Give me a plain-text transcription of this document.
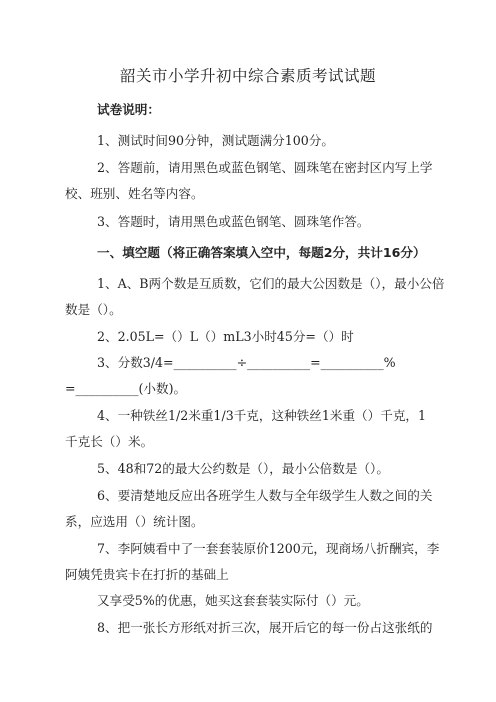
韶关市小学升初中综合素质考试试题
试卷说明：
1、测试时间90分钟，测试题满分100分。
2、答题前，请用黑色或蓝色钢笔、圆珠笔在密封区内写上学
校、班别、姓名等内容。
3、答题时，请用黑色或蓝色钢笔、圆珠笔作答。
一、填空题（将正确答案填入空中，每题2分，共计16分）
1、A、B两个数是互质数，它们的最大公因数是（），最小公倍
数是（）。
2、2.05L=（）L（）mL3小时45分=（）时
3、分数3/4=__________÷__________=__________%
=__________(小数)。
4、一种铁丝1/2米重1/3千克，这种铁丝1米重（）千克，1
千克长（）米。
5、48和72的最大公约数是（），最小公倍数是（）。
6、要清楚地反应出各班学生人数与全年级学生人数之间的关
系，应选用（）统计图。
7、李阿姨看中了一套套装原价1200元，现商场八折酬宾，李
阿姨凭贵宾卡在打折的基础上
又享受5%的优惠，她买这套套装实际付（）元。
8、把一张长方形纸对折三次，展开后它的每一份占这张纸的
